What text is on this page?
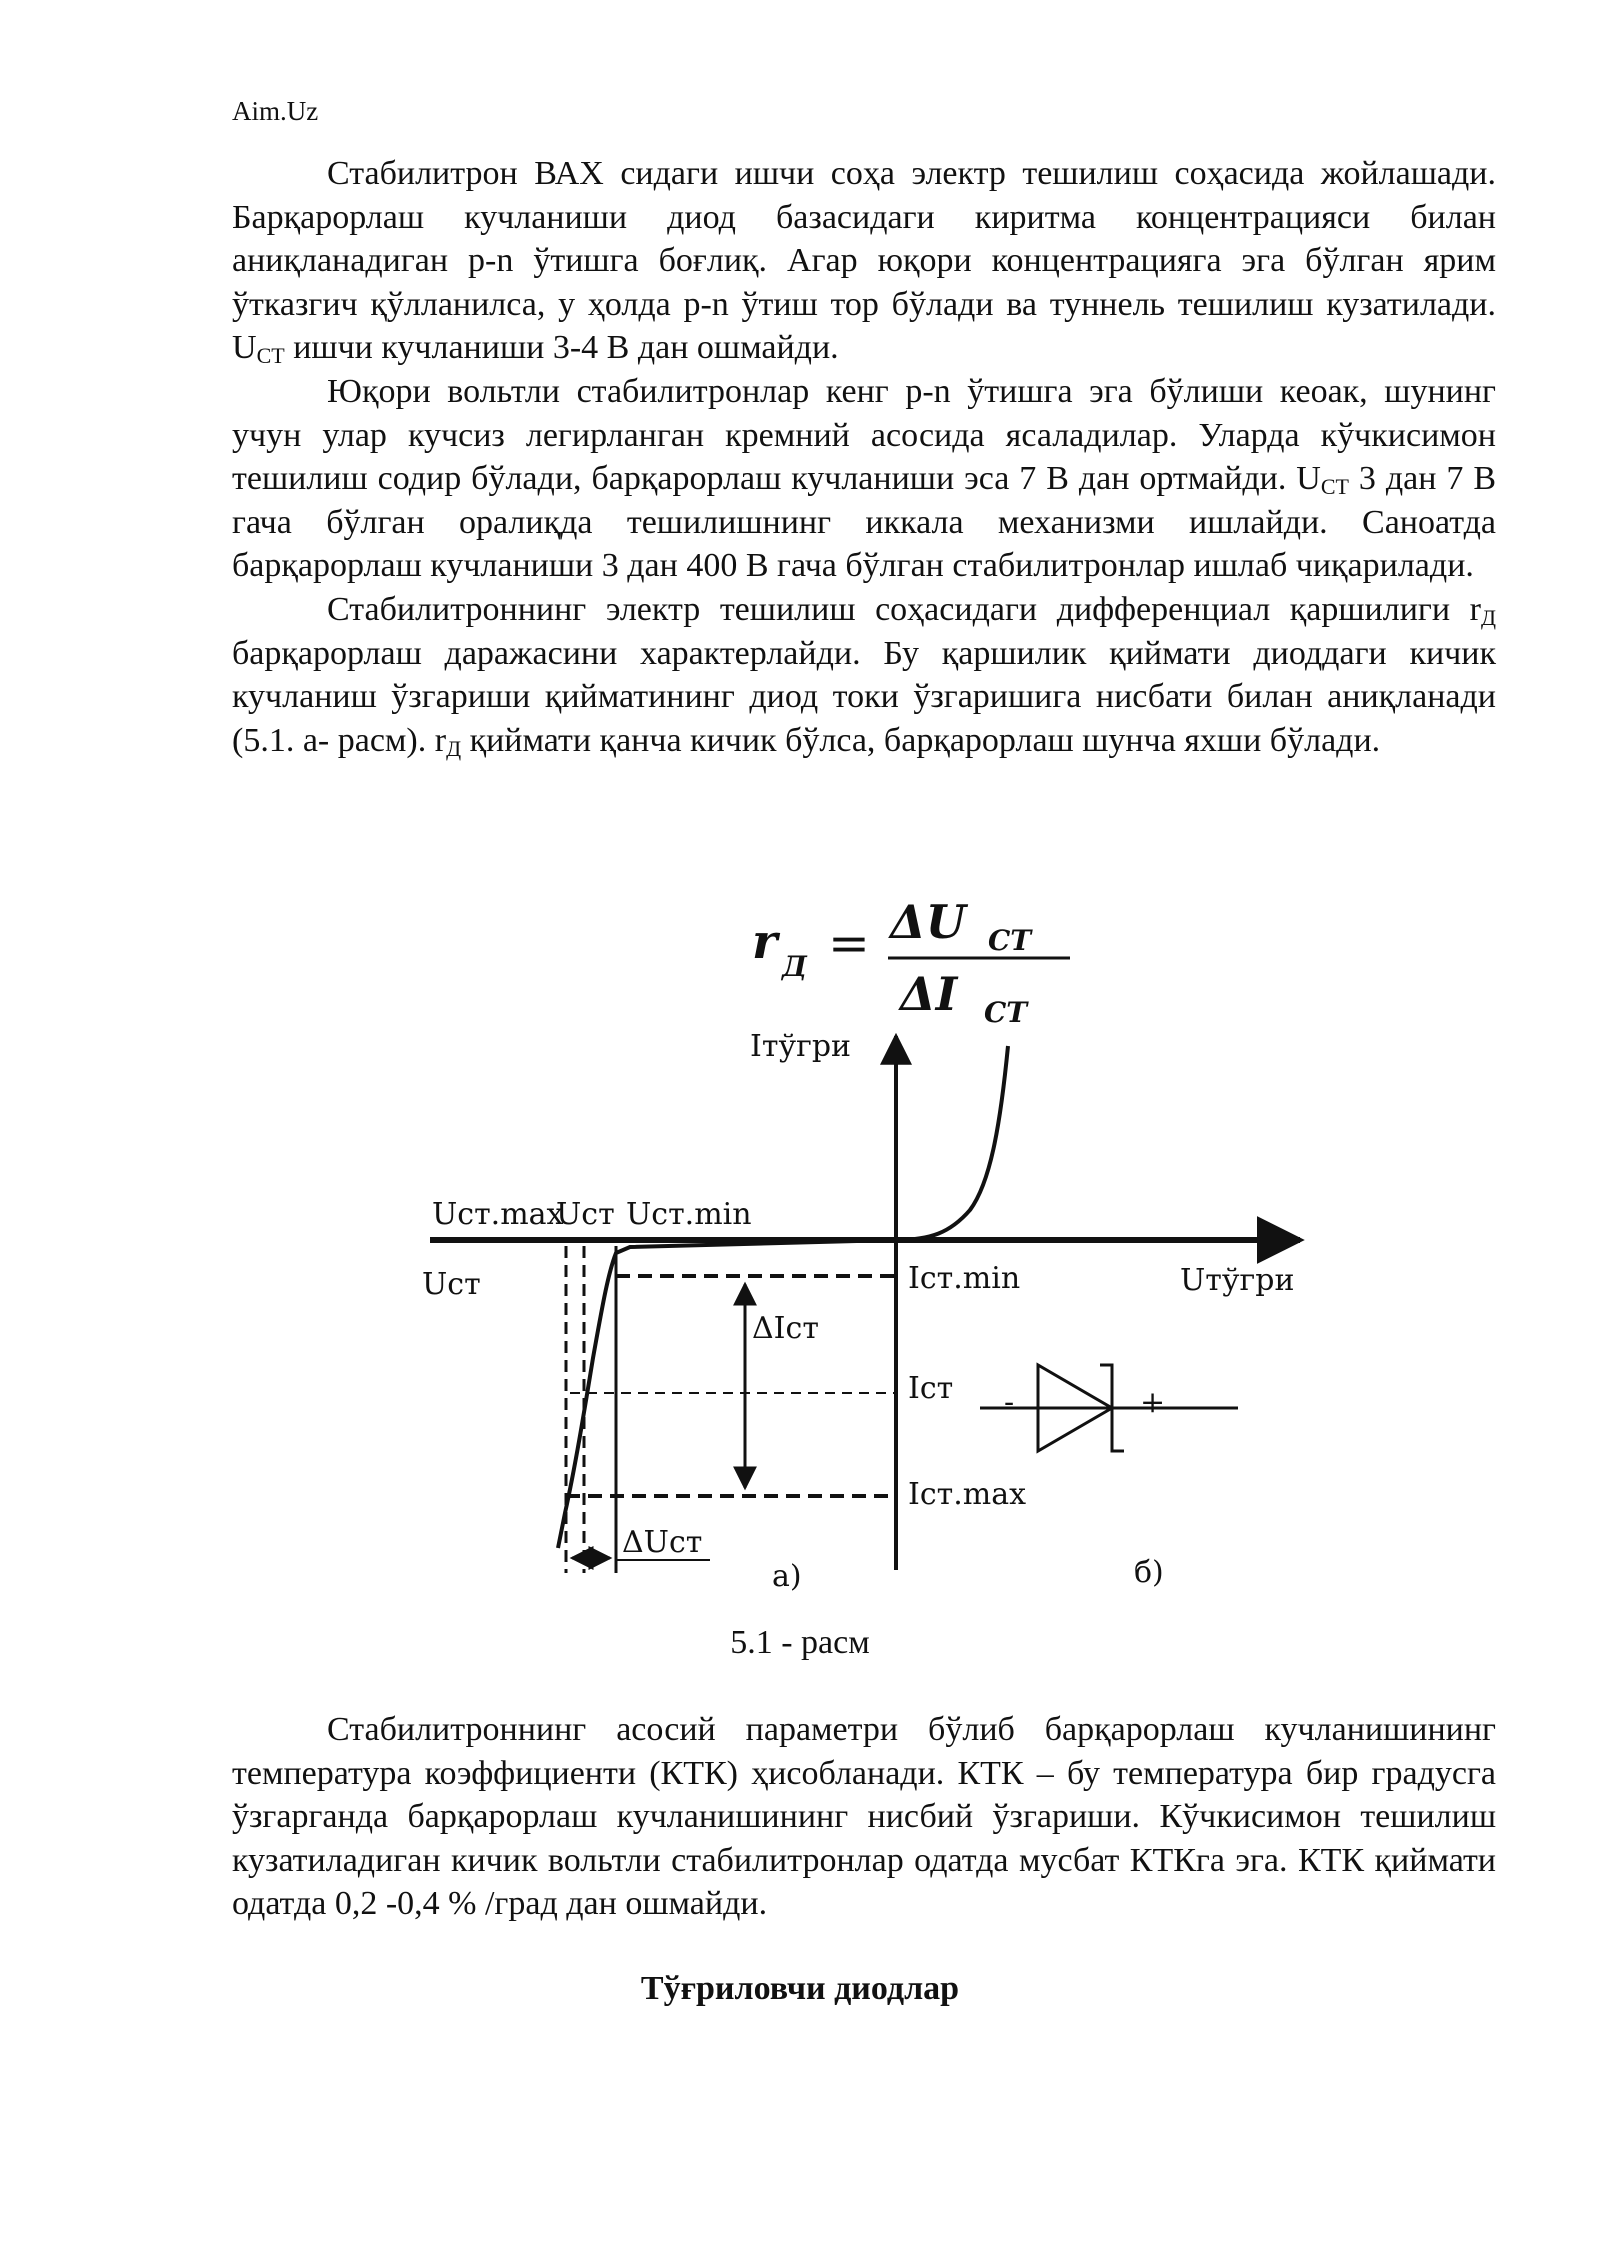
Aim.Uz

Стабилитрон ВАХ сидаги ишчи соҳа электр тешилиш соҳасида жойлашади. Барқарорлаш кучланиши диод базасидаги киритма концентрацияси билан аниқланадиган p-n ўтишга боғлиқ. Агар юқори концентрацияга эга бўлган ярим ўтказгич қўлланилса, у ҳолда p-n ўтиш тор бўлади ва туннель тешилиш кузатилади. $U_{СТ}$ ишчи кучланиши 3-4 В дан ошмайди.

Юқори вольтли стабилитронлар кенг p-n ўтишга эга бўлиши кеоак, шунинг учун улар кучсиз легирланган кремний асосида ясаладилар. Уларда кўчкисимон тешилиш содир бўлади, барқарорлаш кучланиши эса 7 В дан ортмайди. $U_{СТ}$ 3 дан 7 В гача бўлган оралиқда тешилишнинг иккала механизми ишлайди. Саноатда барқарорлаш кучланиши 3 дан 400 В гача бўлган стабилитронлар ишлаб чиқарилади.

Стабилитроннинг электр тешилиш соҳасидаги дифференциал қаршилиги $r_Д$ барқарорлаш даражасини характерлайди. Бу қаршилик қиймати диоддаги кичик кучланиш ўзгариши қийматининг диод токи ўзгаришига нисбати билан аниқланади (5.1. а- расм). $r_Д$ қиймати қанча кичик бўлса, барқарорлаш шунча яхши бўлади.

r Д = ΔU СТ
ΔI СТ
Iтўгри
Uтўгри
Uст
Uст.max
Uст Uст.min
Iст.min
Iст
Iст.max
ΔIст
ΔUст
а)	б)
-	+
5.1 - расм

Стабилитроннинг асосий параметри бўлиб барқарорлаш кучланишининг температура коэффициенти (КТК) ҳисобланади. КТК – бу температура бир градусга ўзгарганда барқарорлаш кучланишининг нисбий ўзгариши. Кўчкисимон тешилиш кузатиладиган кичик вольтли стабилитронлар одатда мусбат КТКга эга. КТК қиймати одатда 0,2 -0,4 % /град дан ошмайди.

Тўғриловчи диодлар
